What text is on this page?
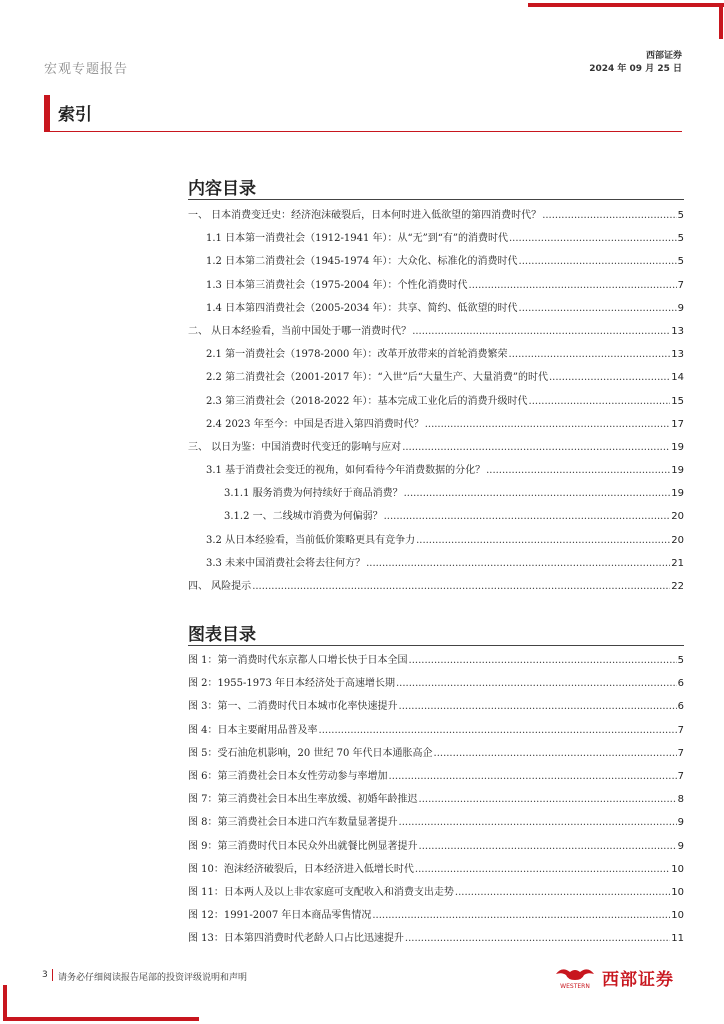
宏观专题报告
西部证券
2024 年 09 月 25 日
索引
内容目录
一、 日本消费变迁史：经济泡沫破裂后，日本何时进入低欲望的第四消费时代？ .....	5
1.1 日本第一消费社会（1912-1941 年）：从“无”到“有”的消费时代 .....	5
1.2 日本第二消费社会（1945-1974 年）：大众化、标准化的消费时代 .....	5
1.3 日本第三消费社会（1975-2004 年）：个性化消费时代 .....	7
1.4 日本第四消费社会（2005-2034 年）：共享、简约、低欲望的时代 .....	9
二、 从日本经验看，当前中国处于哪一消费时代？ .....	13
2.1 第一消费社会（1978-2000 年）：改革开放带来的首轮消费繁荣 .....	13
2.2 第二消费社会（2001-2017 年）：“入世”后“大量生产、大量消费”的时代 .....	14
2.3 第三消费社会（2018-2022 年）：基本完成工业化后的消费升级时代 .....	15
2.4 2023 年至今：中国是否进入第四消费时代？ .....	17
三、 以日为鉴：中国消费时代变迁的影响与应对 .....	19
3.1 基于消费社会变迁的视角，如何看待今年消费数据的分化？ .....	19
3.1.1 服务消费为何持续好于商品消费？ .....	19
3.1.2 一、二线城市消费为何偏弱？ .....	20
3.2 从日本经验看，当前低价策略更具有竞争力 .....	20
3.3 未来中国消费社会将去往何方？ .....	21
四、 风险提示 .....	22
图表目录
图 1：第一消费时代东京都人口增长快于日本全国 .....	5
图 2：1955-1973 年日本经济处于高速增长期 .....	6
图 3：第一、二消费时代日本城市化率快速提升 .....	6
图 4：日本主要耐用品普及率 .....	7
图 5：受石油危机影响，20 世纪 70 年代日本通胀高企 .....	7
图 6：第三消费社会日本女性劳动参与率增加 .....	7
图 7：第三消费社会日本出生率放缓、初婚年龄推迟 .....	8
图 8：第三消费社会日本进口汽车数量显著提升 .....	9
图 9：第三消费时代日本民众外出就餐比例显著提升 .....	9
图 10：泡沫经济破裂后，日本经济进入低增长时代 .....	10
图 11：日本两人及以上非农家庭可支配收入和消费支出走势 .....	10
图 12：1991-2007 年日本商品零售情况 .....	10
图 13：日本第四消费时代老龄人口占比迅速提升 .....	11
3 请务必仔细阅读报告尾部的投资评级说明和声明
WESTERN 西部证券
